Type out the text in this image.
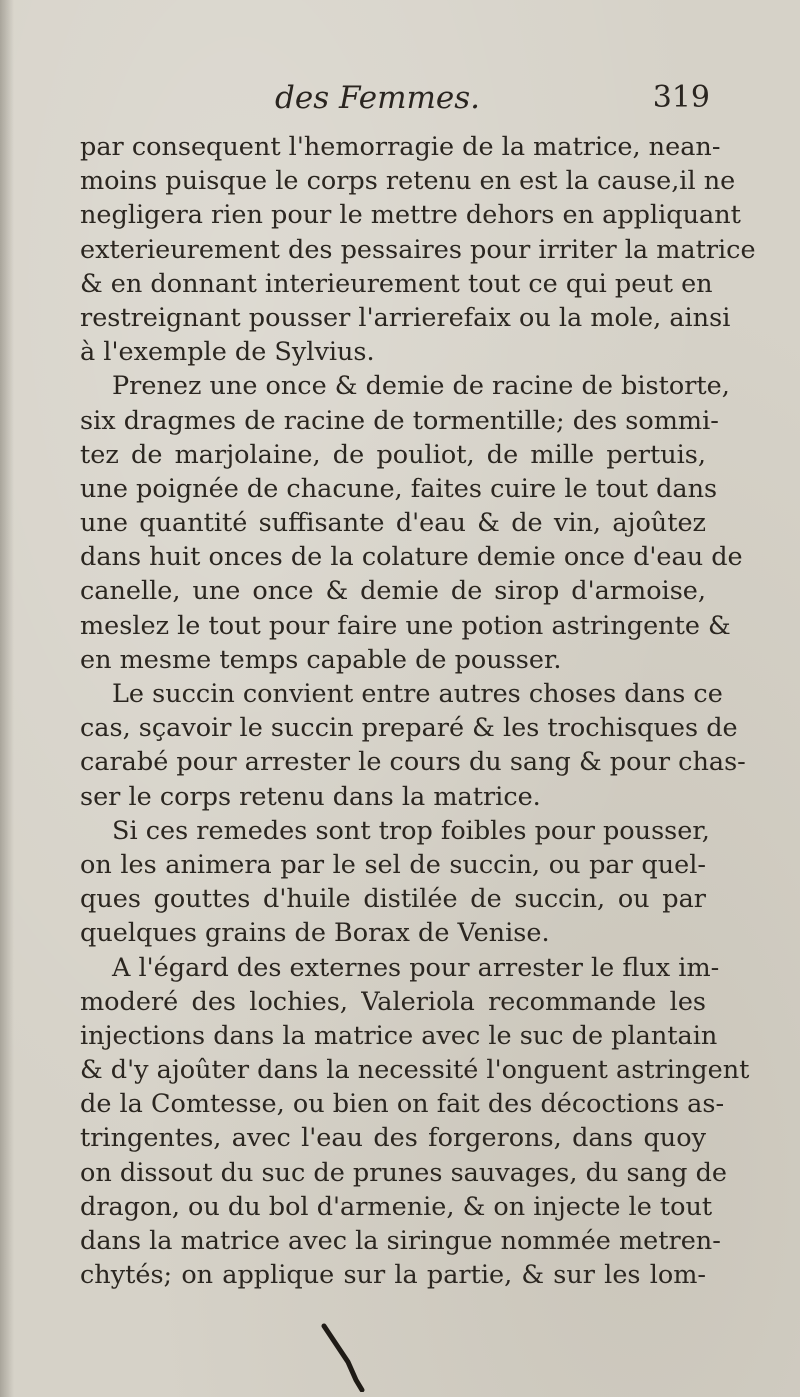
des Femmes.	319
par consequent l'hemorragie de la matrice, nean-
moins puisque le corps retenu en est la cause,il ne
negligera rien pour le mettre dehors en appliquant
exterieurement des pessaires pour irriter la matrice
& en donnant interieurement tout ce qui peut en
restreignant pousser l'arrierefaix ou la mole, ainsi
à l'exemple de Sylvius.
Prenez une once & demie de racine de bistorte,
six dragmes de racine de tormentille; des sommi-
tez de marjolaine, de pouliot, de mille pertuis,
une poignée de chacune, faites cuire le tout dans
une quantité suffisante d'eau & de vin, ajoûtez
dans huit onces de la colature demie once d'eau de
canelle, une once & demie de sirop d'armoise,
meslez le tout pour faire une potion astringente &
en mesme temps capable de pousser.
Le succin convient entre autres choses dans ce
cas, sçavoir le succin preparé & les trochisques de
carabé pour arrester le cours du sang & pour chas-
ser le corps retenu dans la matrice.
Si ces remedes sont trop foibles pour pousser,
on les animera par le sel de succin, ou par quel-
ques gouttes d'huile distilée de succin, ou par
quelques grains de Borax de Venise.
A l'égard des externes pour arrester le flux im-
moderé des lochies, Valeriola recommande les
injections dans la matrice avec le suc de plantain
& d'y ajoûter dans la necessité l'onguent astringent
de la Comtesse, ou bien on fait des décoctions as-
tringentes, avec l'eau des forgerons, dans quoy
on dissout du suc de prunes sauvages, du sang de
dragon, ou du bol d'armenie, & on injecte le tout
dans la matrice avec la siringue nommée metren-
chytés; on applique sur la partie, & sur les lom-
